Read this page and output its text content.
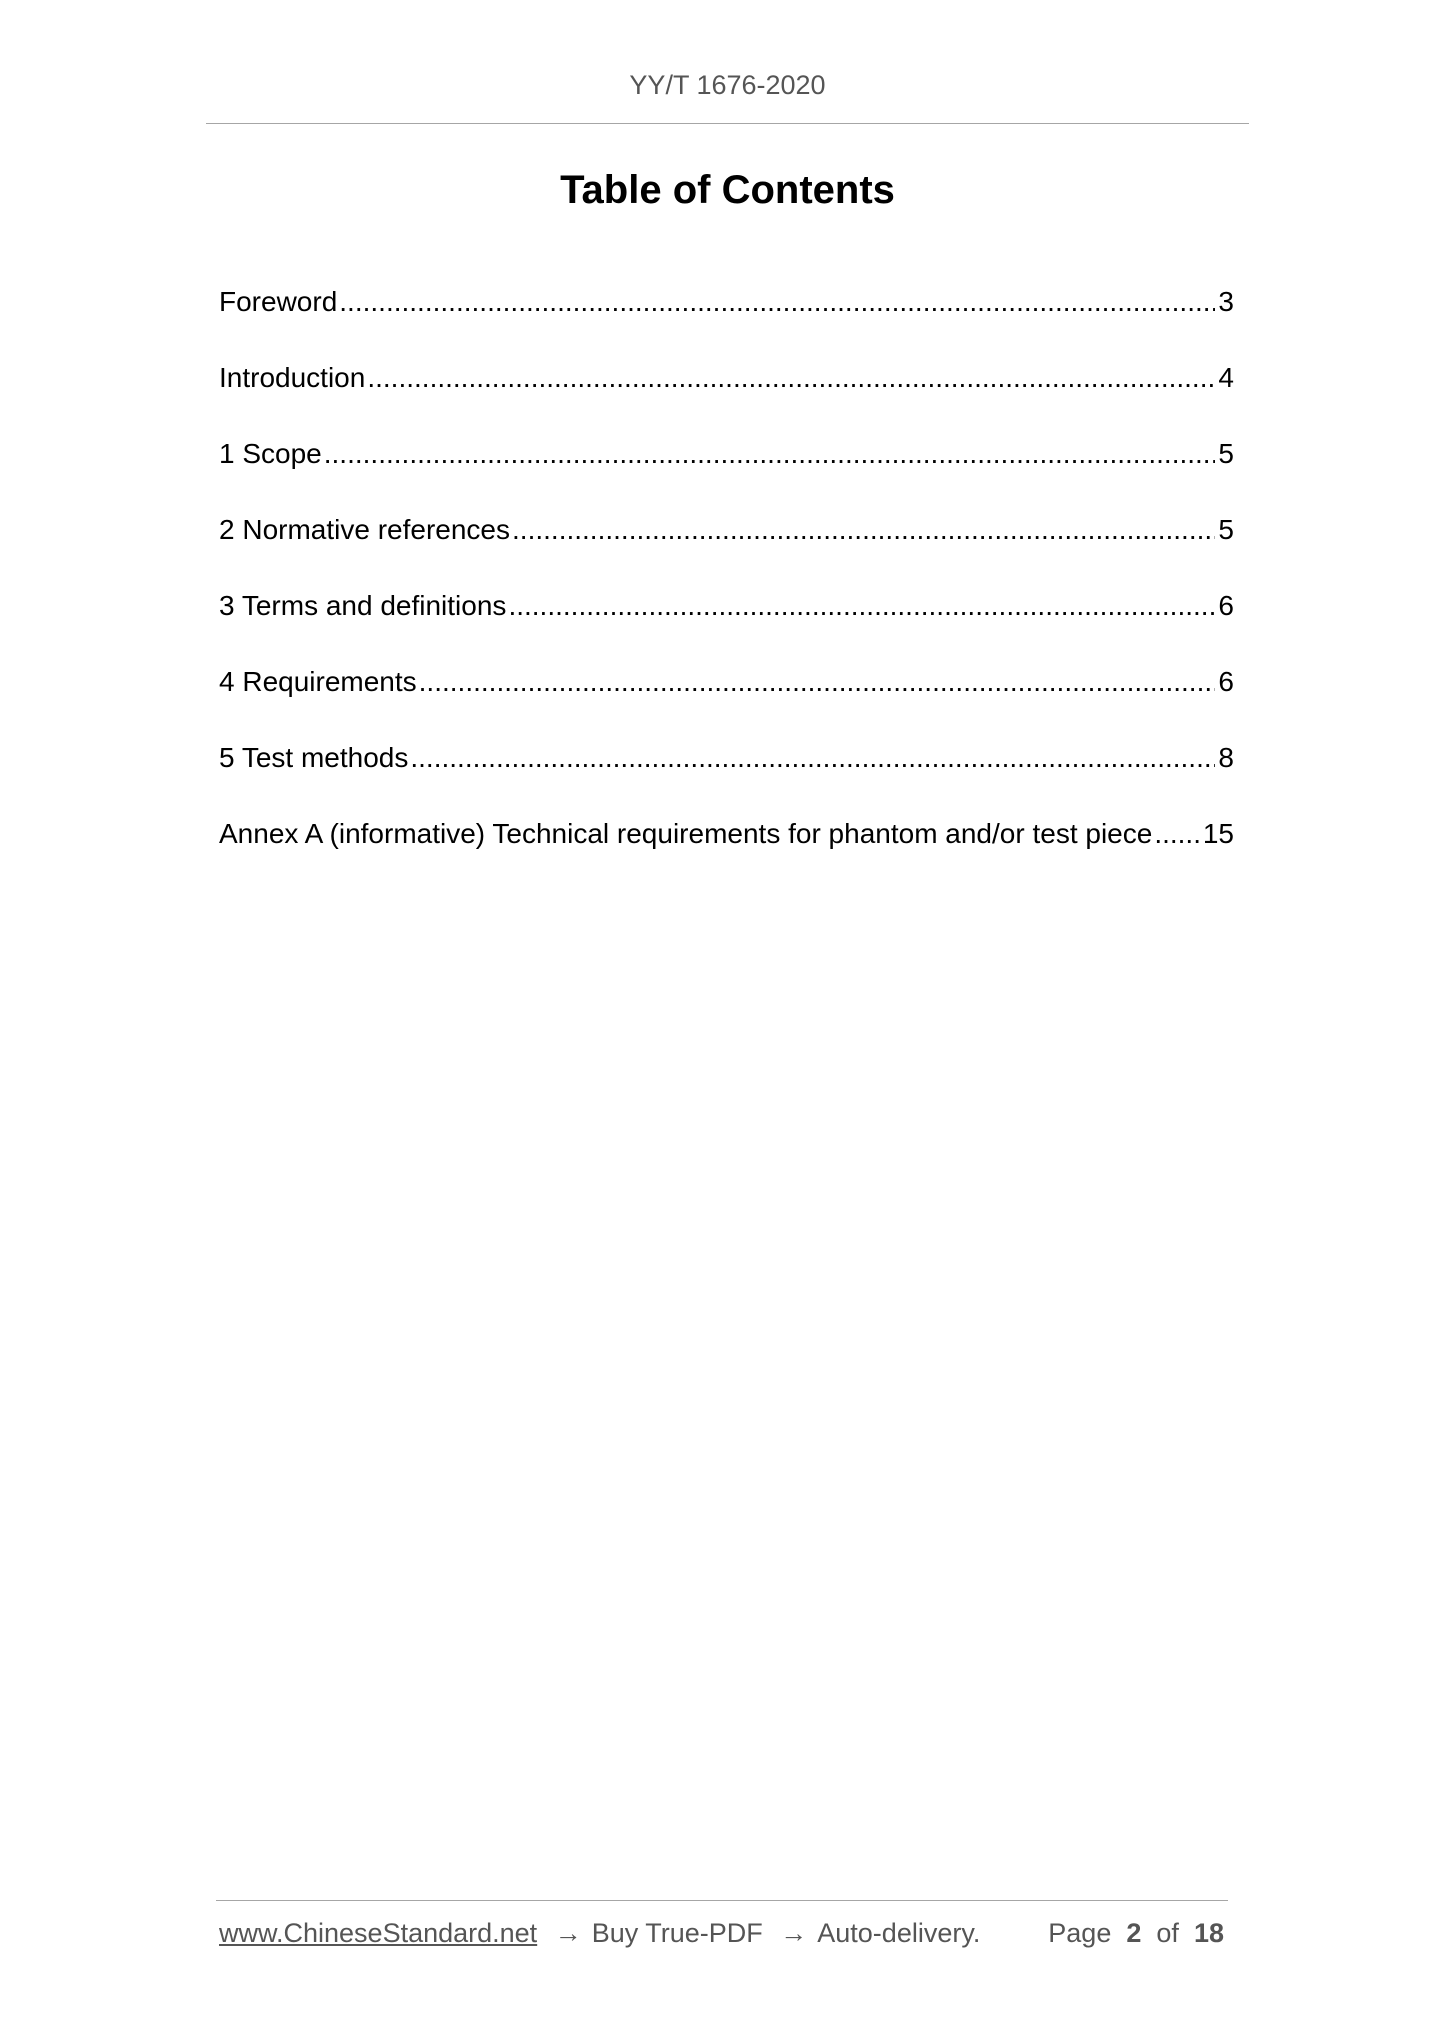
YY/T 1676-2020
Table of Contents
Foreword .....	3
Introduction .....	4
1 Scope .....	5
2 Normative references .....	5
3 Terms and definitions .....	6
4 Requirements .....	6
5 Test methods .....	8
Annex A (informative) Technical requirements for phantom and/or test piece ..... 15
www.ChineseStandard.net → Buy True-PDF → Auto-delivery.	Page 2 of 18
